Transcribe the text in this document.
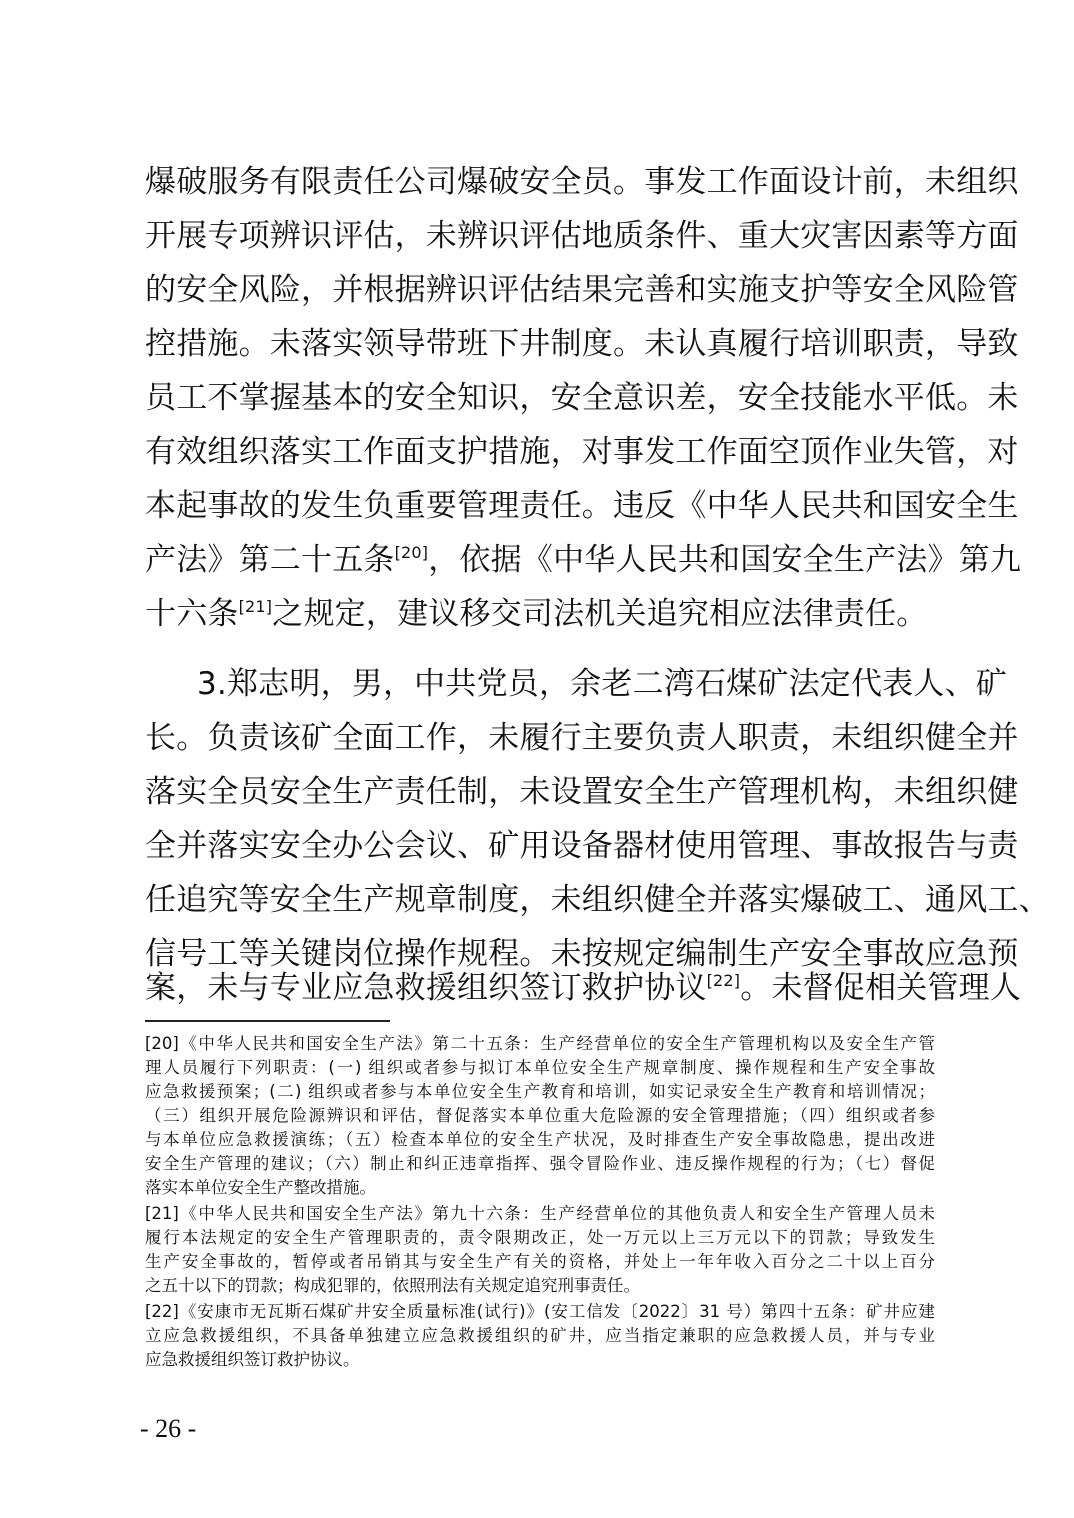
爆破服务有限责任公司爆破安全员。事发工作面设计前，未组织
开展专项辨识评估，未辨识评估地质条件、重大灾害因素等方面
的安全风险，并根据辨识评估结果完善和实施支护等安全风险管
控措施。未落实领导带班下井制度。未认真履行培训职责，导致
员工不掌握基本的安全知识，安全意识差，安全技能水平低。未
有效组织落实工作面支护措施，对事发工作面空顶作业失管，对
本起事故的发生负重要管理责任。违反《中华人民共和国安全生
产法》第二十五条[20]，依据《中华人民共和国安全生产法》第九
十六条[21]之规定，建议移交司法机关追究相应法律责任。
3.郑志明，男，中共党员，余老二湾石煤矿法定代表人、矿
长。负责该矿全面工作，未履行主要负责人职责，未组织健全并
落实全员安全生产责任制，未设置安全生产管理机构，未组织健
全并落实安全办公会议、矿用设备器材使用管理、事故报告与责
任追究等安全生产规章制度，未组织健全并落实爆破工、通风工、
信号工等关键岗位操作规程。未按规定编制生产安全事故应急预
案，未与专业应急救援组织签订救护协议[22]。未督促相关管理人
[20]《中华人民共和国安全生产法》第二十五条：生产经营单位的安全生产管理机构以及安全生产管
理人员履行下列职责：(一) 组织或者参与拟订本单位安全生产规章制度、操作规程和生产安全事故
应急救援预案；(二) 组织或者参与本单位安全生产教育和培训，如实记录安全生产教育和培训情况；
（三）组织开展危险源辨识和评估，督促落实本单位重大危险源的安全管理措施；（四）组织或者参
与本单位应急救援演练；（五）检查本单位的安全生产状况，及时排查生产安全事故隐患，提出改进
安全生产管理的建议；（六）制止和纠正违章指挥、强令冒险作业、违反操作规程的行为；（七）督促
落实本单位安全生产整改措施。
[21]《中华人民共和国安全生产法》第九十六条：生产经营单位的其他负责人和安全生产管理人员未
履行本法规定的安全生产管理职责的，责令限期改正，处一万元以上三万元以下的罚款；导致发生
生产安全事故的，暂停或者吊销其与安全生产有关的资格，并处上一年年收入百分之二十以上百分
之五十以下的罚款；构成犯罪的，依照刑法有关规定追究刑事责任。
[22]《安康市无瓦斯石煤矿井安全质量标准(试行)》(安工信发〔2022〕31 号）第四十五条：矿井应建
立应急救援组织，不具备单独建立应急救援组织的矿井，应当指定兼职的应急救援人员，并与专业
应急救援组织签订救护协议。
- 26 -
